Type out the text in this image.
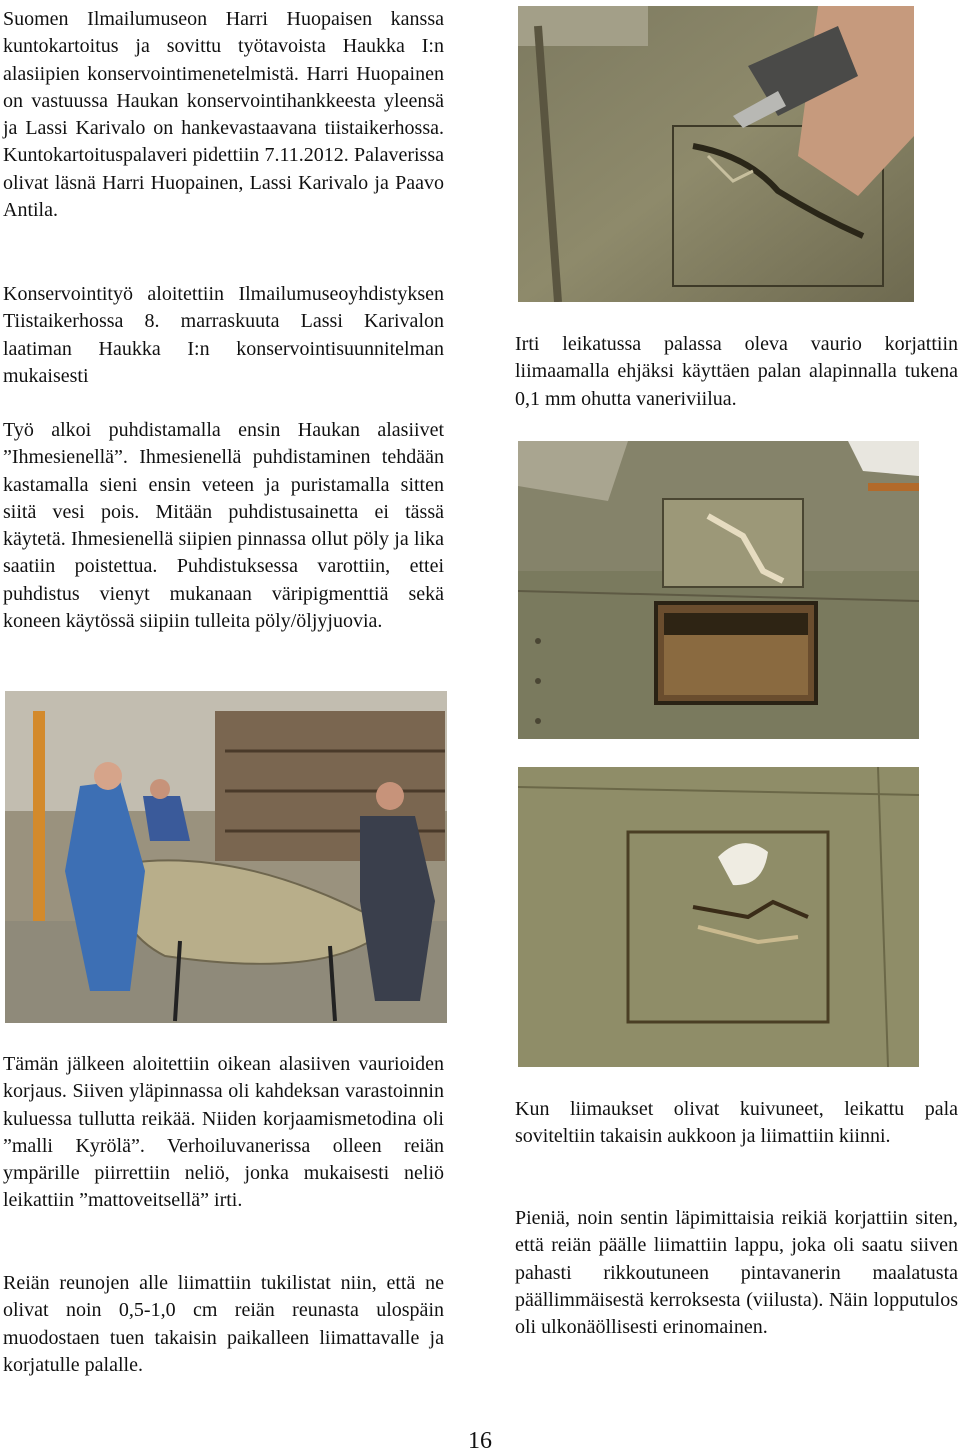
Suomen Ilmailumuseon Harri Huopaisen kanssa kuntokartoitus ja sovittu työtavoista Haukka I:n alasiipien konservointimenetelmistä. Harri Huopainen on vastuussa Haukan konservointihankkeesta yleensä ja Lassi Karivalo on hankevastaavana tiistaikerhossa. Kuntokartoituspalaveri pidettiin 7.11.2012. Palaverissa olivat läsnä Harri Huopainen, Lassi Karivalo ja Paavo Antila.
Konservointityö aloitettiin Ilmailumuseoyhdistyksen Tiistaikerhossa 8. marraskuuta Lassi Karivalon laatiman Haukka I:n konservointisuunnitelman mukaisesti
Työ alkoi puhdistamalla ensin Haukan alasiivet ”Ihmesienellä”. Ihmesienellä puhdistaminen tehdään kastamalla sieni ensin veteen ja puristamalla sitten siitä vesi pois. Mitään puhdistusainetta ei tässä käytetä. Ihmesienellä siipien pinnassa ollut pöly ja lika saatiin poistettua. Puhdistuksessa varottiin, ettei puhdistus vienyt mukanaan väripigmenttiä sekä koneen käytössä siipiin tulleita pöly/öljyjuovia.
Tämän jälkeen aloitettiin oikean alasiiven vaurioiden korjaus. Siiven yläpinnassa oli kahdeksan varastoinnin kuluessa tullutta reikää. Niiden korjaamismetodina oli ”malli Kyrölä”. Verhoiluvanerissa olleen reiän ympärille piirrettiin neliö, jonka mukaisesti neliö leikattiin ”mattoveitsellä” irti.
Reiän reunojen alle liimattiin tukilistat niin, että ne olivat noin 0,5-1,0 cm reiän reunasta ulospäin muodostaen tuen takaisin paikalleen liimattavalle ja korjatulle palalle.
Irti leikatussa palassa oleva vaurio korjattiin liimaamalla ehjäksi käyttäen palan alapinnalla tukena 0,1 mm ohutta vaneriviilua.
Kun liimaukset olivat kuivuneet, leikattu pala soviteltiin takaisin aukkoon ja liimattiin kiinni.
Pieniä, noin sentin läpimittaisia reikiä korjattiin siten, että reiän päälle liimattiin lappu, joka oli saatu siiven pahasti rikkoutuneen pintavanerin maalatusta päällimmäisestä kerroksesta (viilusta). Näin lopputulos oli ulkonäöllisesti erinomainen.
16
